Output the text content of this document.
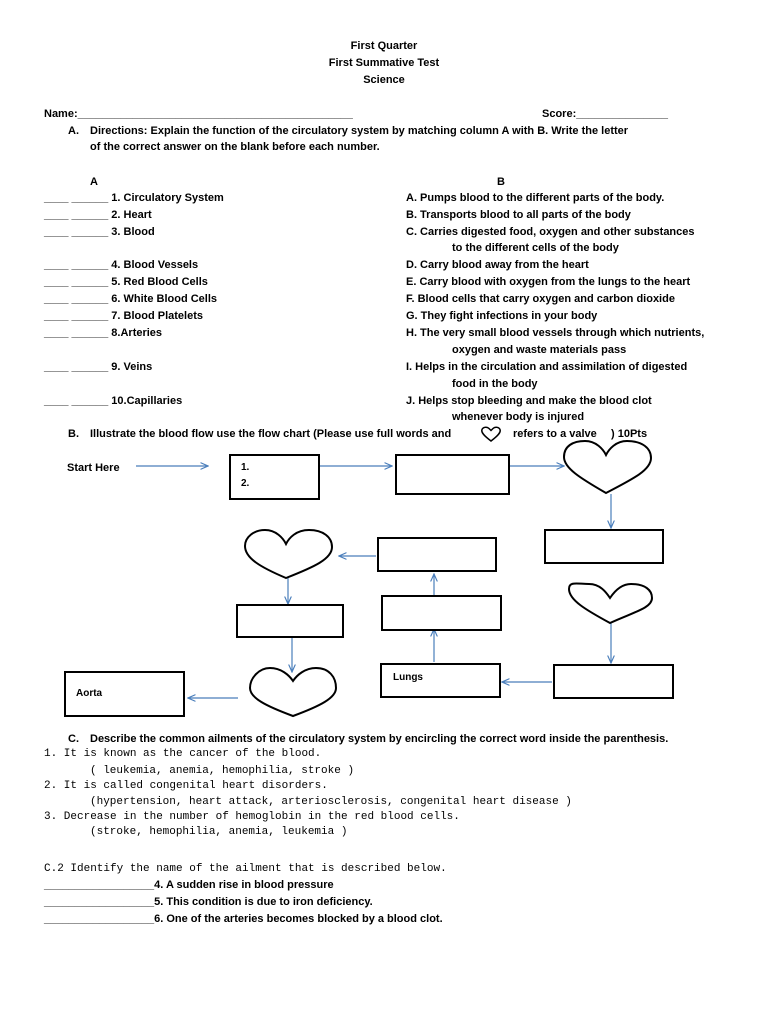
First Quarter
First Summative Test
Science
Name:_____________________________________________	Score:_______________
A. Directions: Explain the function of the circulatory system by matching column A with B. Write the letter
of the correct answer on the blank before each number.
A	B
____ ______ 1. Circulatory System	A. Pumps blood to the different parts of the body.
____ ______ 2. Heart	B. Transports blood to all parts of the body
____ ______ 3. Blood	C. Carries digested food, oxygen and other substances
to the different cells of the body
____ ______ 4. Blood Vessels	D. Carry blood away from the heart
____ ______ 5. Red Blood Cells	E. Carry blood with oxygen from the lungs to the heart
____ ______ 6. White Blood Cells	F. Blood cells that carry oxygen and carbon dioxide
____ ______ 7. Blood Platelets	G. They fight infections in your body
____ ______ 8.Arteries	H. The very small blood vessels through which nutrients,
oxygen and waste materials pass
____ ______ 9. Veins	I. Helps in the circulation and assimilation of digested
food in the body
____ ______ 10.Capillaries	J. Helps stop bleeding and make the blood clot
whenever body is injured
B. Illustrate the blood flow use the flow chart (Please use full words and	refers to a valve ) 10Pts
Start Here	1.
2.
Lungs
Aorta
C. Describe the common ailments of the circulatory system by encircling the correct word inside the parenthesis.
1. It is known as the cancer of the blood.
( leukemia, anemia, hemophilia, stroke )
2. It is called congenital heart disorders.
(hypertension, heart attack, arteriosclerosis, congenital heart disease )
3. Decrease in the number of hemoglobin in the red blood cells.
(stroke, hemophilia, anemia, leukemia )
C.2 Identify the name of the ailment that is described below.
__________________4. A sudden rise in blood pressure
__________________5. This condition is due to iron deficiency.
__________________6. One of the arteries becomes blocked by a blood clot.
